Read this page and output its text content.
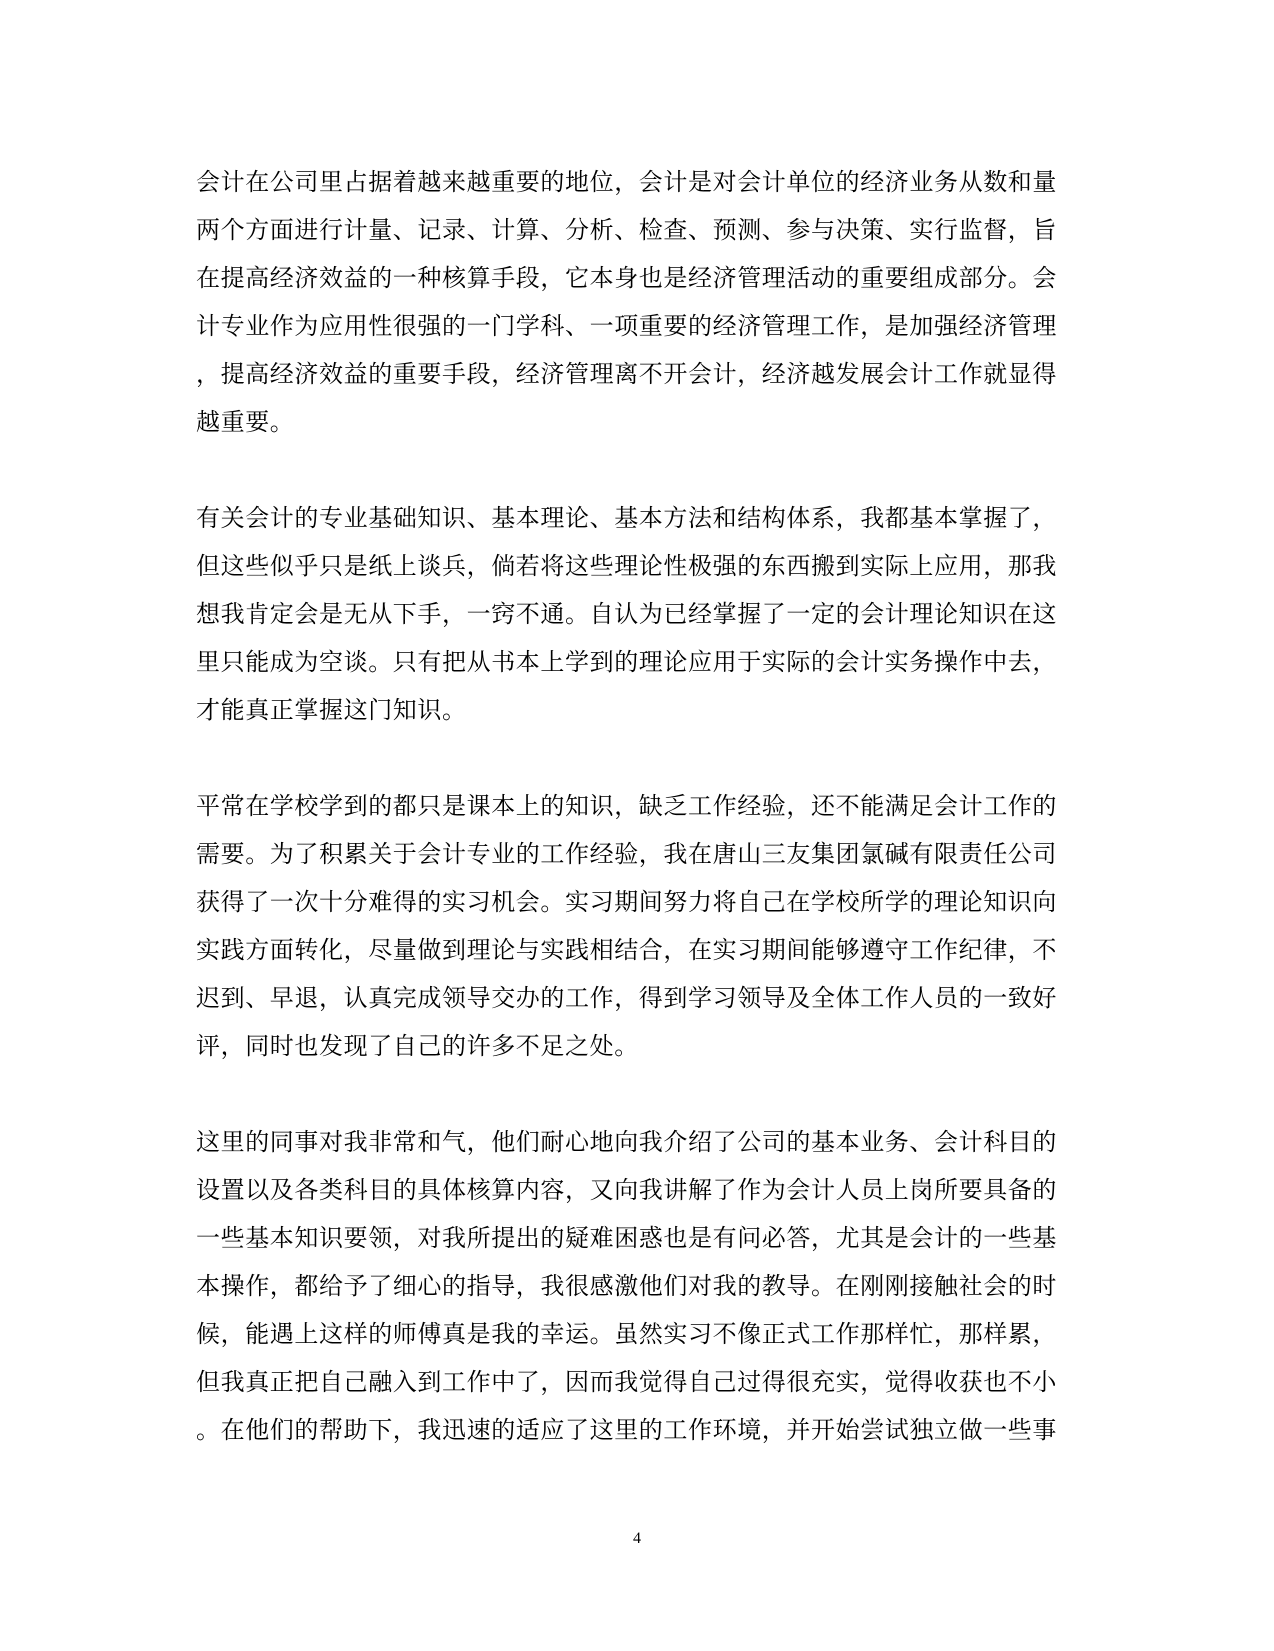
会计在公司里占据着越来越重要的地位，会计是对会计单位的经济业务从数和量
两个方面进行计量、记录、计算、分析、检查、预测、参与决策、实行监督，旨
在提高经济效益的一种核算手段，它本身也是经济管理活动的重要组成部分。会
计专业作为应用性很强的一门学科、一项重要的经济管理工作，是加强经济管理
，提高经济效益的重要手段，经济管理离不开会计，经济越发展会计工作就显得
越重要。
有关会计的专业基础知识、基本理论、基本方法和结构体系，我都基本掌握了，
但这些似乎只是纸上谈兵，倘若将这些理论性极强的东西搬到实际上应用，那我
想我肯定会是无从下手，一窍不通。自认为已经掌握了一定的会计理论知识在这
里只能成为空谈。只有把从书本上学到的理论应用于实际的会计实务操作中去，
才能真正掌握这门知识。
平常在学校学到的都只是课本上的知识，缺乏工作经验，还不能满足会计工作的
需要。为了积累关于会计专业的工作经验，我在唐山三友集团氯碱有限责任公司
获得了一次十分难得的实习机会。实习期间努力将自己在学校所学的理论知识向
实践方面转化，尽量做到理论与实践相结合，在实习期间能够遵守工作纪律，不
迟到、早退，认真完成领导交办的工作，得到学习领导及全体工作人员的一致好
评，同时也发现了自己的许多不足之处。
这里的同事对我非常和气，他们耐心地向我介绍了公司的基本业务、会计科目的
设置以及各类科目的具体核算内容，又向我讲解了作为会计人员上岗所要具备的
一些基本知识要领，对我所提出的疑难困惑也是有问必答，尤其是会计的一些基
本操作，都给予了细心的指导，我很感激他们对我的教导。在刚刚接触社会的时
候，能遇上这样的师傅真是我的幸运。虽然实习不像正式工作那样忙，那样累，
但我真正把自己融入到工作中了，因而我觉得自己过得很充实，觉得收获也不小
。在他们的帮助下，我迅速的适应了这里的工作环境，并开始尝试独立做一些事
4
